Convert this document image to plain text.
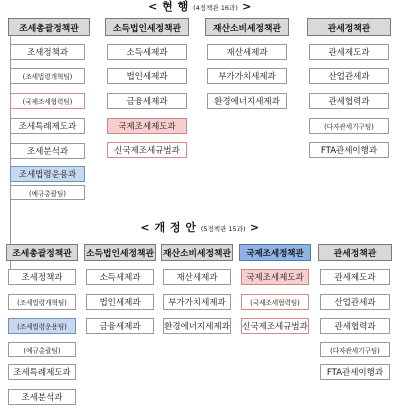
< 현 행 (4정책관 16과) >
조세총괄정책관
조세정책과
(조세법령개혁팀)
(국제조세협력팀)
조세특례제도과
조세분석과
조세법령운용과
(예규총괄팀)
소득법인세정책관
소득세제과
법인세제과
금융세제과
국제조세제도과
신국제조세규범과
재산소비세정책관
재산세제과
부가가치세제과
환경에너지세제과
관세정책관
관세제도과
산업관세과
관세협력과
(다자관세기구팀)
FTA관세이행과
< 개 정 안 (5정책관 15과) >
조세총괄정책관
조세정책과
(조세법령개혁팀)
(조세법령운용팀)
(예규총괄팀)
조세특례제도과
조세분석과
소득법인세정책관
소득세제과
법인세제과
금융세제과
재산소비세정책관
재산세제과
부가가치세제과
환경에너지세제과
국제조세정책관
국제조세제도과
(국제조세협력팀)
신국제조세규범과
관세정책관
관세제도과
산업관세과
관세협력과
(다자관세기구팀)
FTA관세이행과
